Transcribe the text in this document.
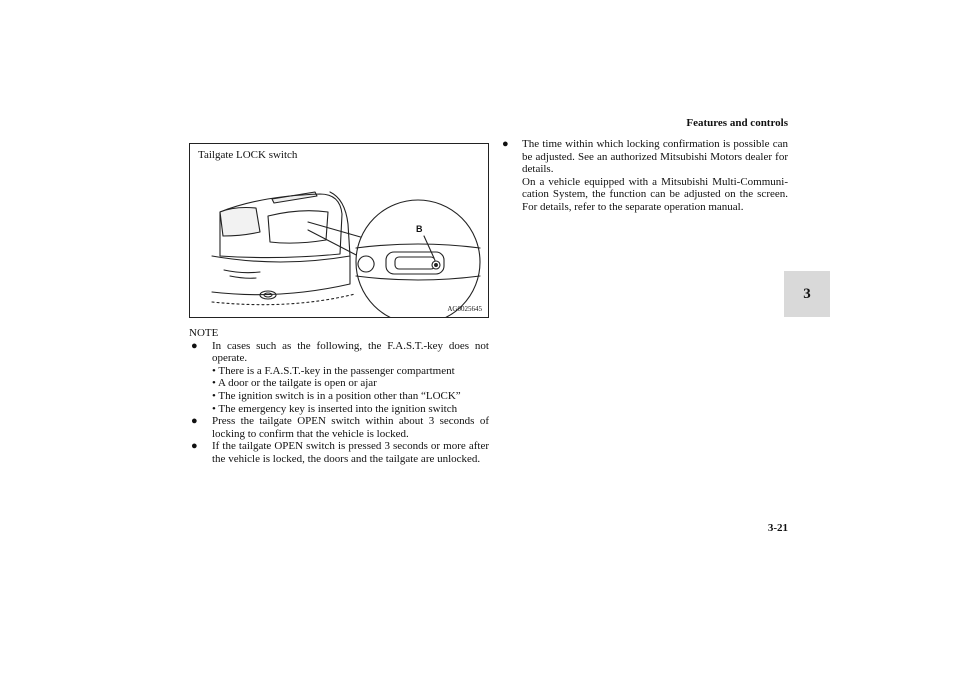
Features and controls
3
3-21
Tailgate LOCK switch
B
AG0025645

NOTE

● In cases such as the following, the F.A.S.T.-key does not operate.
• There is a F.A.S.T.-key in the passenger compartment
• A door or the tailgate is open or ajar
• The ignition switch is in a position other than “LOCK”
• The emergency key is inserted into the ignition switch
● Press the tailgate OPEN switch within about 3 seconds of locking to confirm that the vehicle is locked.
● If the tailgate OPEN switch is pressed 3 seconds or more after the vehicle is locked, the doors and the tailgate are unlocked.
● The time within which locking confirmation is possible can be adjusted. See an authorized Mitsubishi Motors dealer for details.
On a vehicle equipped with a Mitsubishi Multi-Communi-cation System, the function can be adjusted on the screen. For details, refer to the separate operation manual.
